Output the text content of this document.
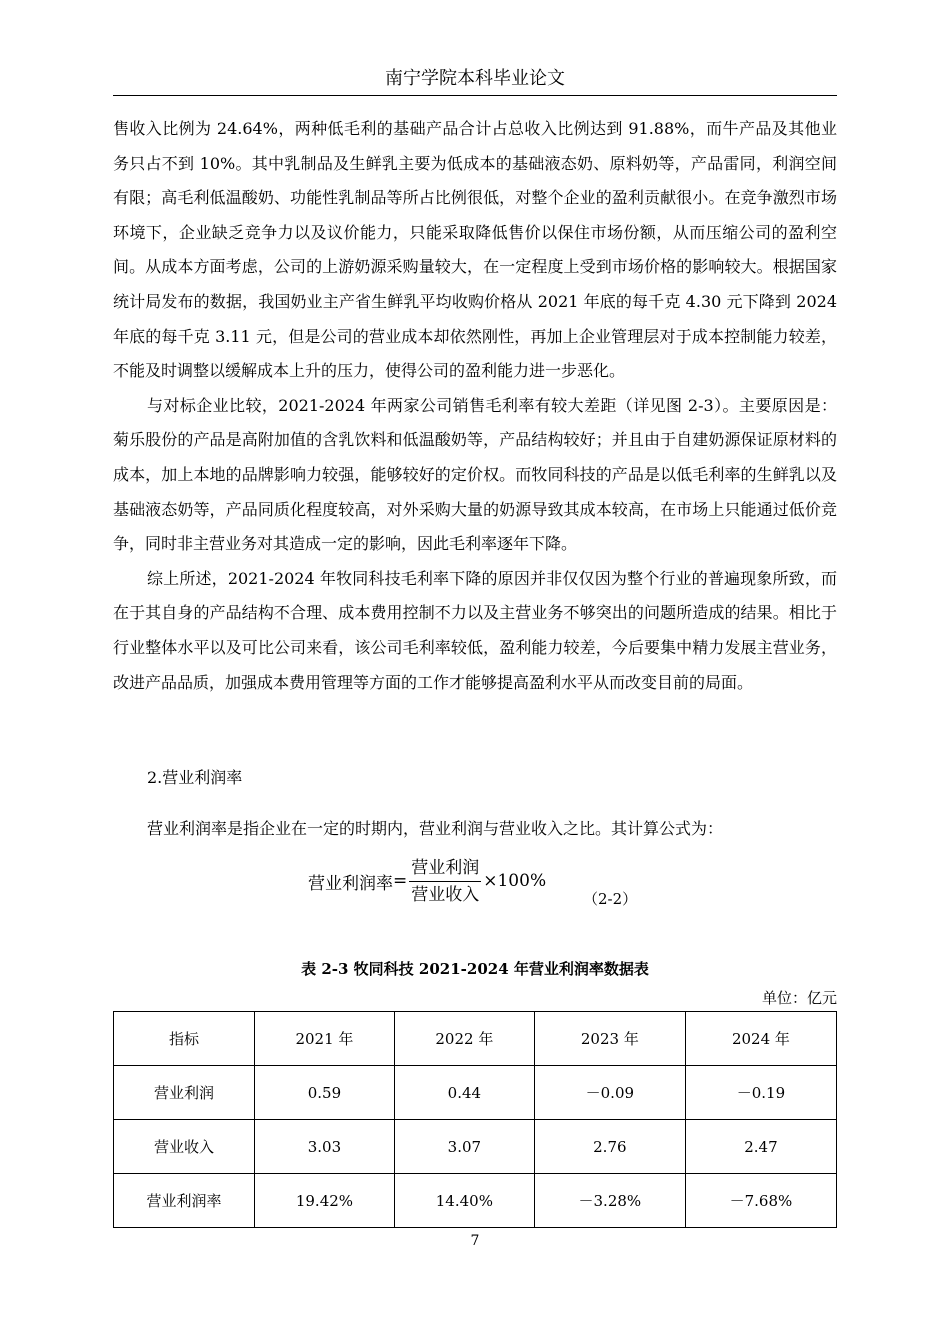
南宁学院本科毕业论文

售收入比例为 24.64%，两种低毛利的基础产品合计占总收入比例达到 91.88%，而牛产品及其他业务只占不到 10%。其中乳制品及生鲜乳主要为低成本的基础液态奶、原料奶等，产品雷同，利润空间有限；高毛利低温酸奶、功能性乳制品等所占比例很低，对整个企业的盈利贡献很小。在竞争激烈市场环境下，企业缺乏竞争力以及议价能力，只能采取降低售价以保住市场份额，从而压缩公司的盈利空间。从成本方面考虑，公司的上游奶源采购量较大，在一定程度上受到市场价格的影响较大。根据国家统计局发布的数据，我国奶业主产省生鲜乳平均收购价格从 2021 年底的每千克 4.30 元下降到 2024 年底的每千克 3.11 元，但是公司的营业成本却依然刚性，再加上企业管理层对于成本控制能力较差，不能及时调整以缓解成本上升的压力，使得公司的盈利能力进一步恶化。

与对标企业比较，2021-2024 年两家公司销售毛利率有较大差距（详见图 2-3）。主要原因是：菊乐股份的产品是高附加值的含乳饮料和低温酸奶等，产品结构较好；并且由于自建奶源保证原材料的成本，加上本地的品牌影响力较强，能够较好的定价权。而牧同科技的产品是以低毛利率的生鲜乳以及基础液态奶等，产品同质化程度较高，对外采购大量的奶源导致其成本较高，在市场上只能通过低价竞争，同时非主营业务对其造成一定的影响，因此毛利率逐年下降。

综上所述，2021-2024 年牧同科技毛利率下降的原因并非仅仅因为整个行业的普遍现象所致，而在于其自身的产品结构不合理、成本费用控制不力以及主营业务不够突出的问题所造成的结果。相比于行业整体水平以及可比公司来看，该公司毛利率较低，盈利能力较差，今后要集中精力发展主营业务，改进产品品质，加强成本费用管理等方面的工作才能够提高盈利水平从而改变目前的局面。

2.营业利润率
营业利润率是指企业在一定的时期内，营业利润与营业收入之比。其计算公式为：
营业利润率 = $\frac{\text{营业利润}}{\text{营业收入}} \times 100\%$
（2-2）
表 2-3 牧同科技 2021-2024 年营业利润率数据表
单位：亿元
指标	2021 年	2022 年	2023 年	2024 年
营业利润	0.59	0.44	－0.09	－0.19
营业收入	3.03	3.07	2.76	2.47
营业利润率	19.42%	14.40%	－3.28%	－7.68%
7
